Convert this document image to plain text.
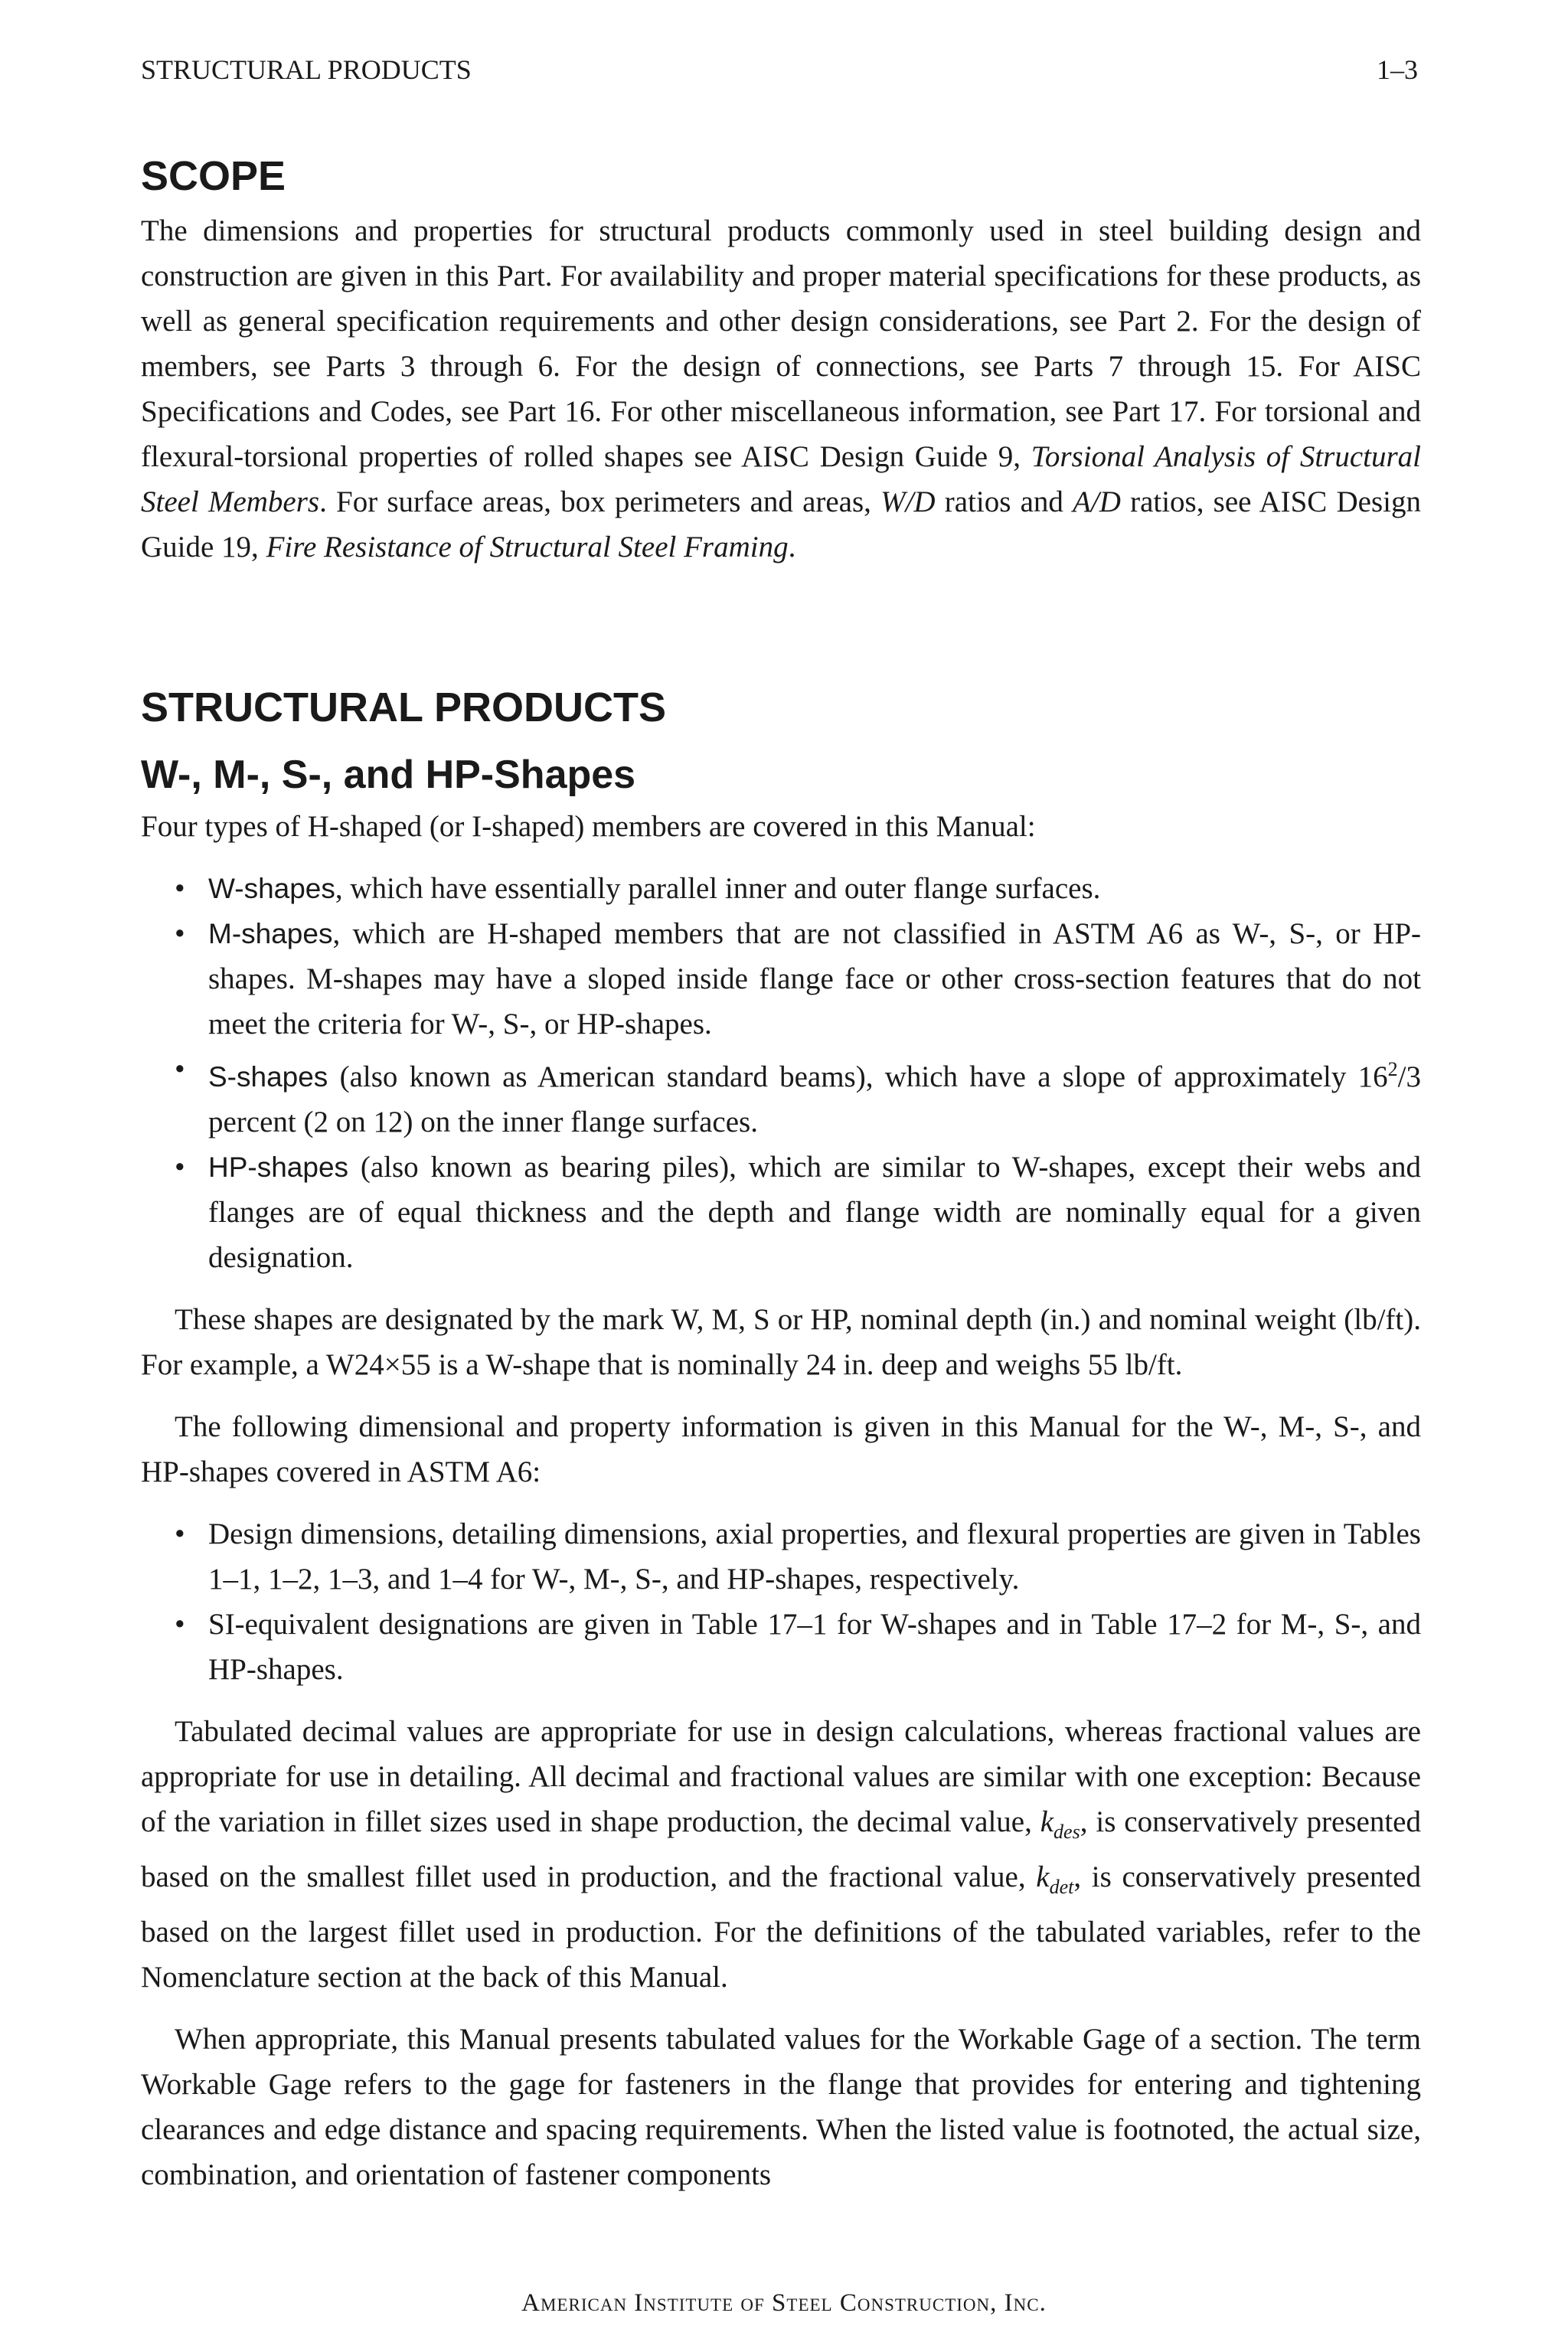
STRUCTURAL PRODUCTS	1–3
SCOPE

The dimensions and properties for structural products commonly used in steel building design and construction are given in this Part. For availability and proper material specifications for these products, as well as general specification requirements and other design considerations, see Part 2. For the design of members, see Parts 3 through 6. For the design of connections, see Parts 7 through 15. For AISC Specifications and Codes, see Part 16. For other miscellaneous information, see Part 17. For torsional and flexural-torsional properties of rolled shapes see AISC Design Guide 9, Torsional Analysis of Structural Steel Members. For surface areas, box perimeters and areas, W/D ratios and A/D ratios, see AISC Design Guide 19, Fire Resistance of Structural Steel Framing.

STRUCTURAL PRODUCTS
W-, M-, S-, and HP-Shapes

Four types of H-shaped (or I-shaped) members are covered in this Manual:

• W-shapes, which have essentially parallel inner and outer flange surfaces.
• M-shapes, which are H-shaped members that are not classified in ASTM A6 as W-, S-, or HP-shapes. M-shapes may have a sloped inside flange face or other cross-section features that do not meet the criteria for W-, S-, or HP-shapes.
• S-shapes (also known as American standard beams), which have a slope of approximately $16^2/3$ percent (2 on 12) on the inner flange surfaces.
• HP-shapes (also known as bearing piles), which are similar to W-shapes, except their webs and flanges are of equal thickness and the depth and flange width are nominally equal for a given designation.

These shapes are designated by the mark W, M, S or HP, nominal depth (in.) and nominal weight (lb/ft). For example, a W24×55 is a W-shape that is nominally 24 in. deep and weighs 55 lb/ft.

The following dimensional and property information is given in this Manual for the W-, M-, S-, and HP-shapes covered in ASTM A6:

• Design dimensions, detailing dimensions, axial properties, and flexural properties are given in Tables 1–1, 1–2, 1–3, and 1–4 for W-, M-, S-, and HP-shapes, respectively.
• SI-equivalent designations are given in Table 17–1 for W-shapes and in Table 17–2 for M-, S-, and HP-shapes.

Tabulated decimal values are appropriate for use in design calculations, whereas fractional values are appropriate for use in detailing. All decimal and fractional values are similar with one exception: Because of the variation in fillet sizes used in shape production, the decimal value, $k_{des}$, is conservatively presented based on the smallest fillet used in production, and the fractional value, $k_{det}$, is conservatively presented based on the largest fillet used in production. For the definitions of the tabulated variables, refer to the Nomenclature section at the back of this Manual.

When appropriate, this Manual presents tabulated values for the Workable Gage of a section. The term Workable Gage refers to the gage for fasteners in the flange that provides for entering and tightening clearances and edge distance and spacing requirements. When the listed value is footnoted, the actual size, combination, and orientation of fastener components

American Institute of Steel Construction, Inc.
